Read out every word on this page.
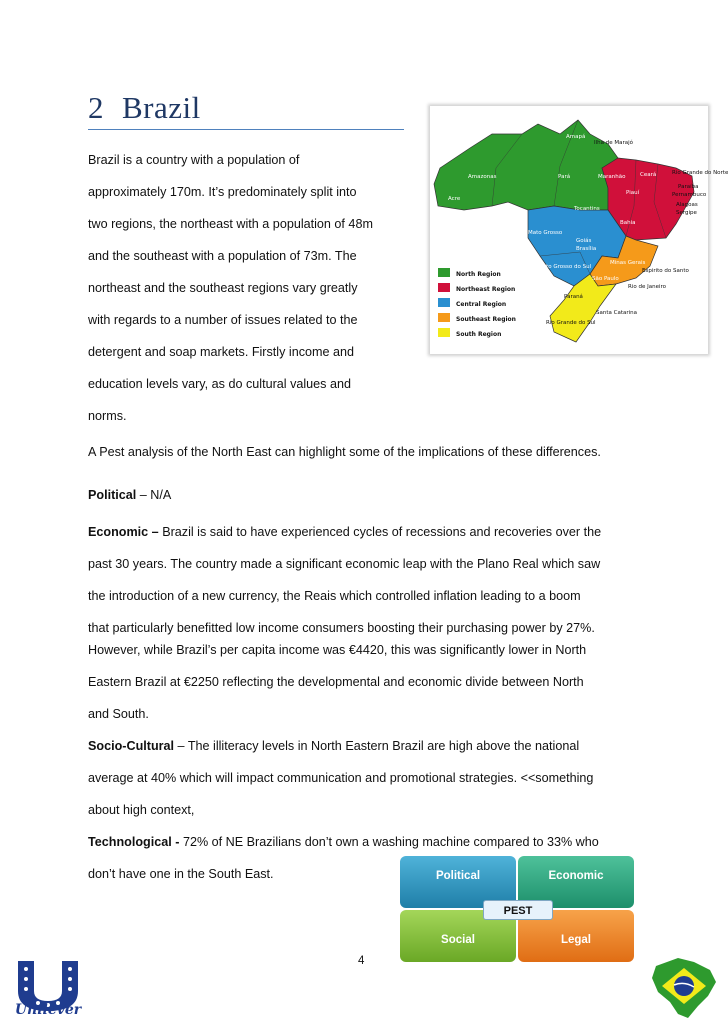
2 Brazil

Brazil is a country with a population of
approximately 170m. It’s predominately split into
two regions, the northeast with a population of 48m
and the southeast with a population of 73m. The
northeast and the southeast regions vary greatly
with regards to a number of issues related to the
detergent and soap markets. Firstly income and
education levels vary, as do cultural values and
norms.

Roraima
Amapá
Ilha de Marajó
Amazonas	Pará	Maranhão	Ceará	Rio Grande do Norte
Paraíba
Pernambuco
Alagoas
Sergipe
Piauí
Tocantins
Bahia
Rondônia
Acre
Mato Grosso
Goiás
Brasília
Mato Grosso do Sul
Minas Gerais
Espirito do Santo
São Paulo
Rio de Janeiro
Paraná
Santa Catarina
Rio Grande do Sul
North Region
Northeast Region
Central Region
Southeast Region
South Region

A Pest analysis of the North East can highlight some of the implications of these differences.

Political – N/A

Economic – Brazil is said to have experienced cycles of recessions and recoveries over the
past 30 years. The country made a significant economic leap with the Plano Real which saw
the introduction of a new currency, the Reais which controlled inflation leading to a boom
that particularly benefitted low income consumers boosting their purchasing power by 27%.

However, while Brazil’s per capita income was €4420, this was significantly lower in North
Eastern Brazil at €2250 reflecting the developmental and economic divide between North
and South.

Socio-Cultural – The illiteracy levels in North Eastern Brazil are high above the national
average at 40% which will impact communication and promotional strategies. <<something
about high context,

Technological - 72% of NE Brazilians don’t own a washing machine compared to 33% who
don’t have one in the South East.	Political	Economic
Social	Legal
PEST
4
Unilever
